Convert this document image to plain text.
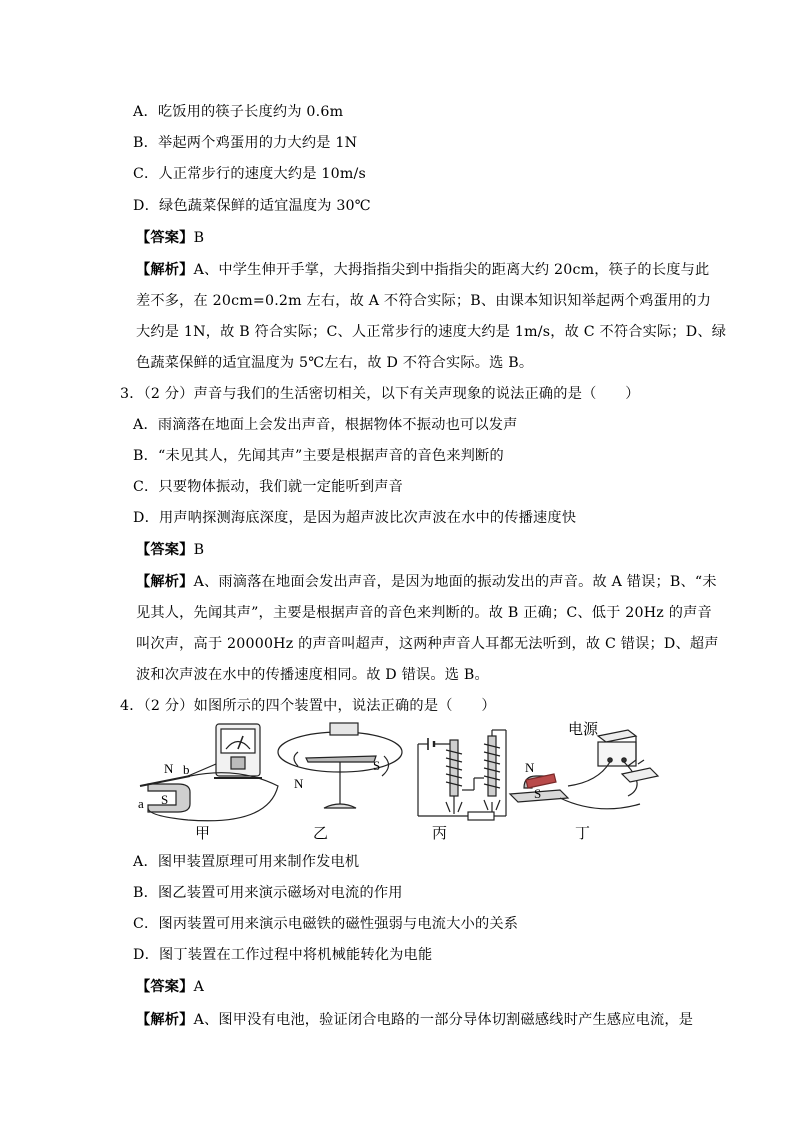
A．吃饭用的筷子长度约为 0.6m
B．举起两个鸡蛋用的力大约是 1N
C．人正常步行的速度大约是 10m/s
D．绿色蔬菜保鲜的适宜温度为 30℃
【答案】B
【解析】A、中学生伸开手掌，大拇指指尖到中指指尖的距离大约 20cm，筷子的长度与此
差不多，在 20cm=0.2m 左右，故 A 不符合实际；B、由课本知识知举起两个鸡蛋用的力
大约是 1N，故 B 符合实际；C、人正常步行的速度大约是 1m/s，故 C 不符合实际；D、绿
色蔬菜保鲜的适宜温度为 5℃左右，故 D 不符合实际。选 B。
3．（2 分）声音与我们的生活密切相关，以下有关声现象的说法正确的是（　　）
A．雨滴落在地面上会发出声音，根据物体不振动也可以发声
B．“未见其人，先闻其声”主要是根据声音的音色来判断的
C．只要物体振动，我们就一定能听到声音
D．用声呐探测海底深度，是因为超声波比次声波在水中的传播速度快
【答案】B
【解析】A、雨滴落在地面会发出声音，是因为地面的振动发出的声音。故 A 错误；B、“未
见其人，先闻其声”，主要是根据声音的音色来判断的。故 B 正确；C、低于 20Hz 的声音
叫次声，高于 20000Hz 的声音叫超声，这两种声音人耳都无法听到，故 C 错误；D、超声
波和次声波在水中的传播速度相同。故 D 错误。选 B。
4．（2 分）如图所示的四个装置中，说法正确的是（　　）
N b
a S
N
S
电源
N
S
甲	乙	丙	丁
A．图甲装置原理可用来制作发电机
B．图乙装置可用来演示磁场对电流的作用
C．图丙装置可用来演示电磁铁的磁性强弱与电流大小的关系
D．图丁装置在工作过程中将机械能转化为电能
【答案】A
【解析】A、图甲没有电池，验证闭合电路的一部分导体切割磁感线时产生感应电流，是
